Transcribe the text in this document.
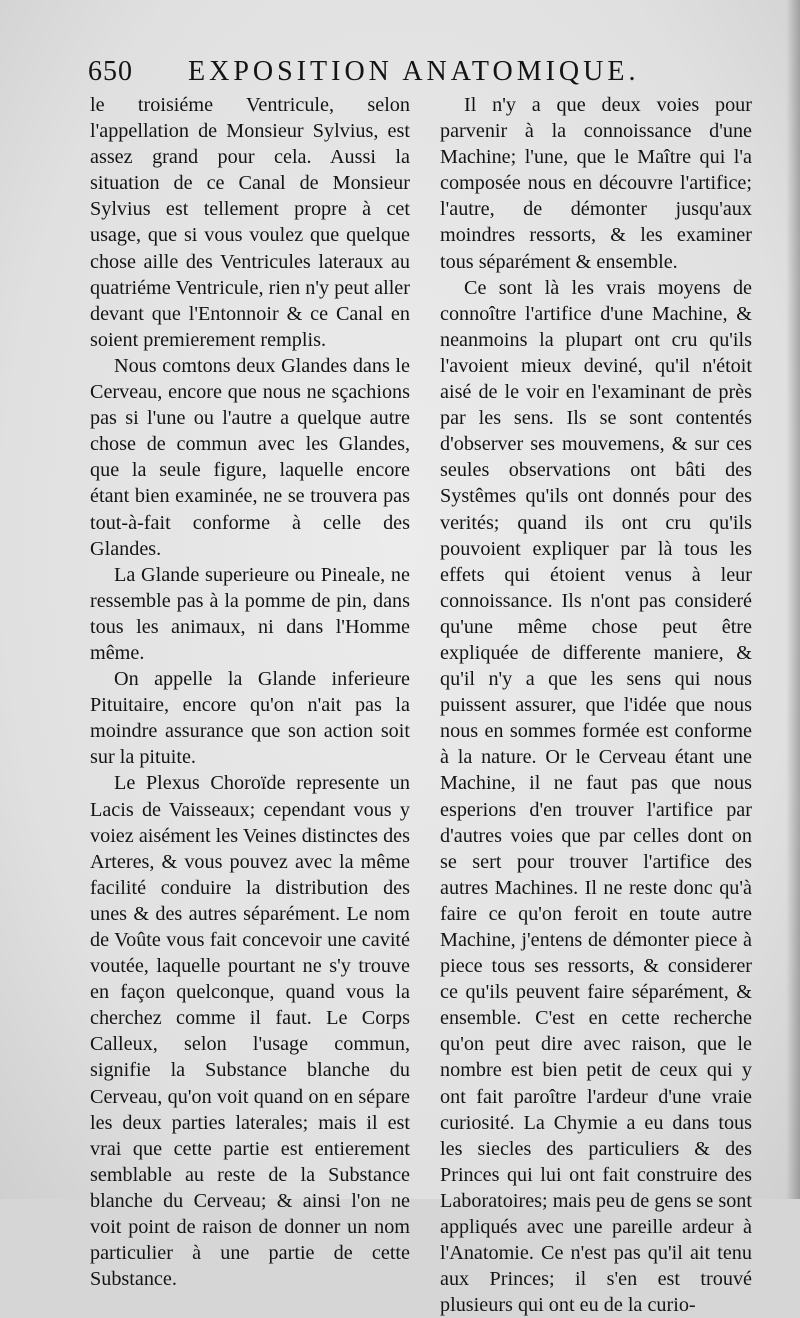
650 EXPOSITION ANATOMIQUE.

le troisiéme Ventricule, selon l'appellation de Monsieur Sylvius, est assez grand pour cela. Aussi la situation de ce Canal de Monsieur Sylvius est tellement propre à cet usage, que si vous voulez que quelque chose aille des Ventricules lateraux au quatriéme Ventricule, rien n'y peut aller devant que l'Entonnoir & ce Canal en soient premierement remplis.

Nous comtons deux Glandes dans le Cerveau, encore que nous ne sçachions pas si l'une ou l'autre a quelque autre chose de commun avec les Glandes, que la seule figure, laquelle encore étant bien examinée, ne se trouvera pas tout-à-fait conforme à celle des Glandes.

La Glande superieure ou Pineale, ne ressemble pas à la pomme de pin, dans tous les animaux, ni dans l'Homme même.

On appelle la Glande inferieure Pituitaire, encore qu'on n'ait pas la moindre assurance que son action soit sur la pituite.

Le Plexus Choroïde represente un Lacis de Vaisseaux; cependant vous y voiez aisément les Veines distinctes des Arteres, & vous pouvez avec la même facilité conduire la distribution des unes & des autres séparément. Le nom de Voûte vous fait concevoir une cavité voutée, laquelle pourtant ne s'y trouve en façon quelconque, quand vous la cherchez comme il faut. Le Corps Calleux, selon l'usage commun, signifie la Substance blanche du Cerveau, qu'on voit quand on en sépare les deux parties laterales; mais il est vrai que cette partie est entierement semblable au reste de la Substance blanche du Cerveau; & ainsi l'on ne voit point de raison de donner un nom particulier à une partie de cette Substance.

Il n'y a que deux voies pour parvenir à la connoissance d'une Machine; l'une, que le Maître qui l'a composée nous en découvre l'artifice; l'autre, de démonter jusqu'aux moindres ressorts, & les examiner tous séparément & ensemble.

Ce sont là les vrais moyens de connoître l'artifice d'une Machine, & neanmoins la plupart ont cru qu'ils l'avoient mieux deviné, qu'il n'étoit aisé de le voir en l'examinant de près par les sens. Ils se sont contentés d'observer ses mouvemens, & sur ces seules observations ont bâti des Systêmes qu'ils ont donnés pour des verités; quand ils ont cru qu'ils pouvoient expliquer par là tous les effets qui étoient venus à leur connoissance. Ils n'ont pas consideré qu'une même chose peut être expliquée de differente maniere, & qu'il n'y a que les sens qui nous puissent assurer, que l'idée que nous nous en sommes formée est conforme à la nature. Or le Cerveau étant une Machine, il ne faut pas que nous esperions d'en trouver l'artifice par d'autres voies que par celles dont on se sert pour trouver l'artifice des autres Machines. Il ne reste donc qu'à faire ce qu'on feroit en toute autre Machine, j'entens de démonter piece à piece tous ses ressorts, & considerer ce qu'ils peuvent faire séparément, & ensemble. C'est en cette recherche qu'on peut dire avec raison, que le nombre est bien petit de ceux qui y ont fait paroître l'ardeur d'une vraie curiosité. La Chymie a eu dans tous les siecles des particuliers & des Princes qui lui ont fait construire des Laboratoires; mais peu de gens se sont appliqués avec une pareille ardeur à l'Anatomie. Ce n'est pas qu'il ait tenu aux Princes; il s'en est trouvé plusieurs qui ont eu de la curio-
